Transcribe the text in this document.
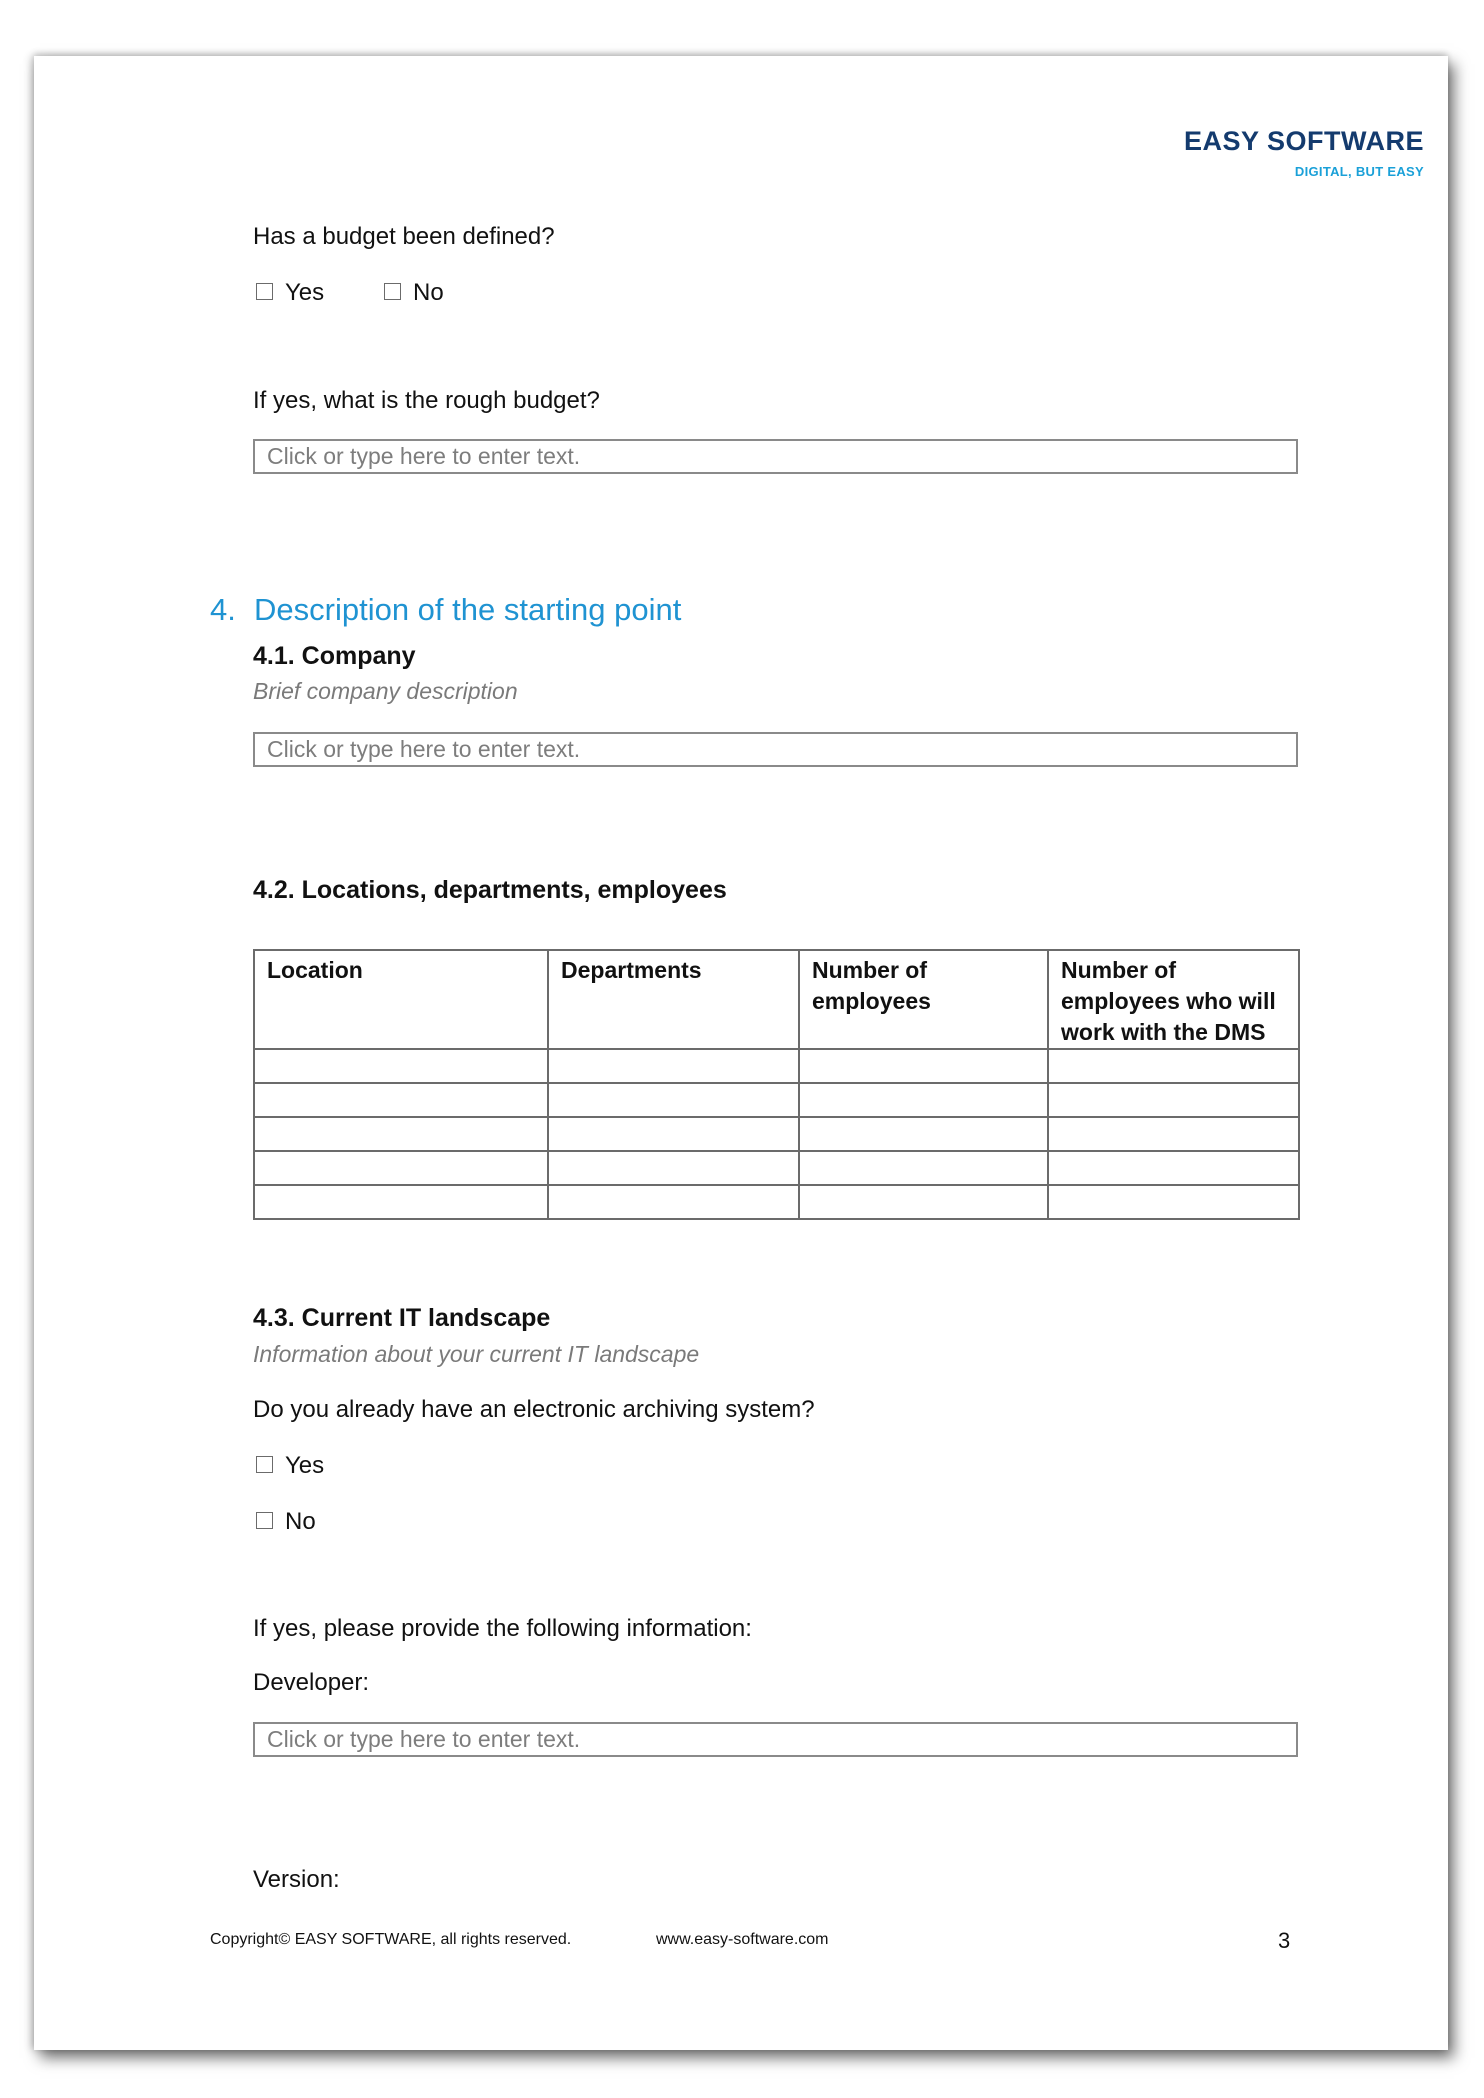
EASY SOFTWARE
DIGITAL, BUT EASY
Has a budget been defined?
Yes	No
If yes, what is the rough budget?
Click or type here to enter text.
4. Description of the starting point
4.1. Company
Brief company description
Click or type here to enter text.
4.2. Locations, departments, employees
4.3. Current IT landscape
Information about your current IT landscape
Do you already have an electronic archiving system?
Yes
No
If yes, please provide the following information:
Developer:
Click or type here to enter text.
Version:
Copyright© EASY SOFTWARE, all rights reserved.	www.easy-software.com	3
Location	Departments	Number of employees	Number of employees who will work with the DMS
